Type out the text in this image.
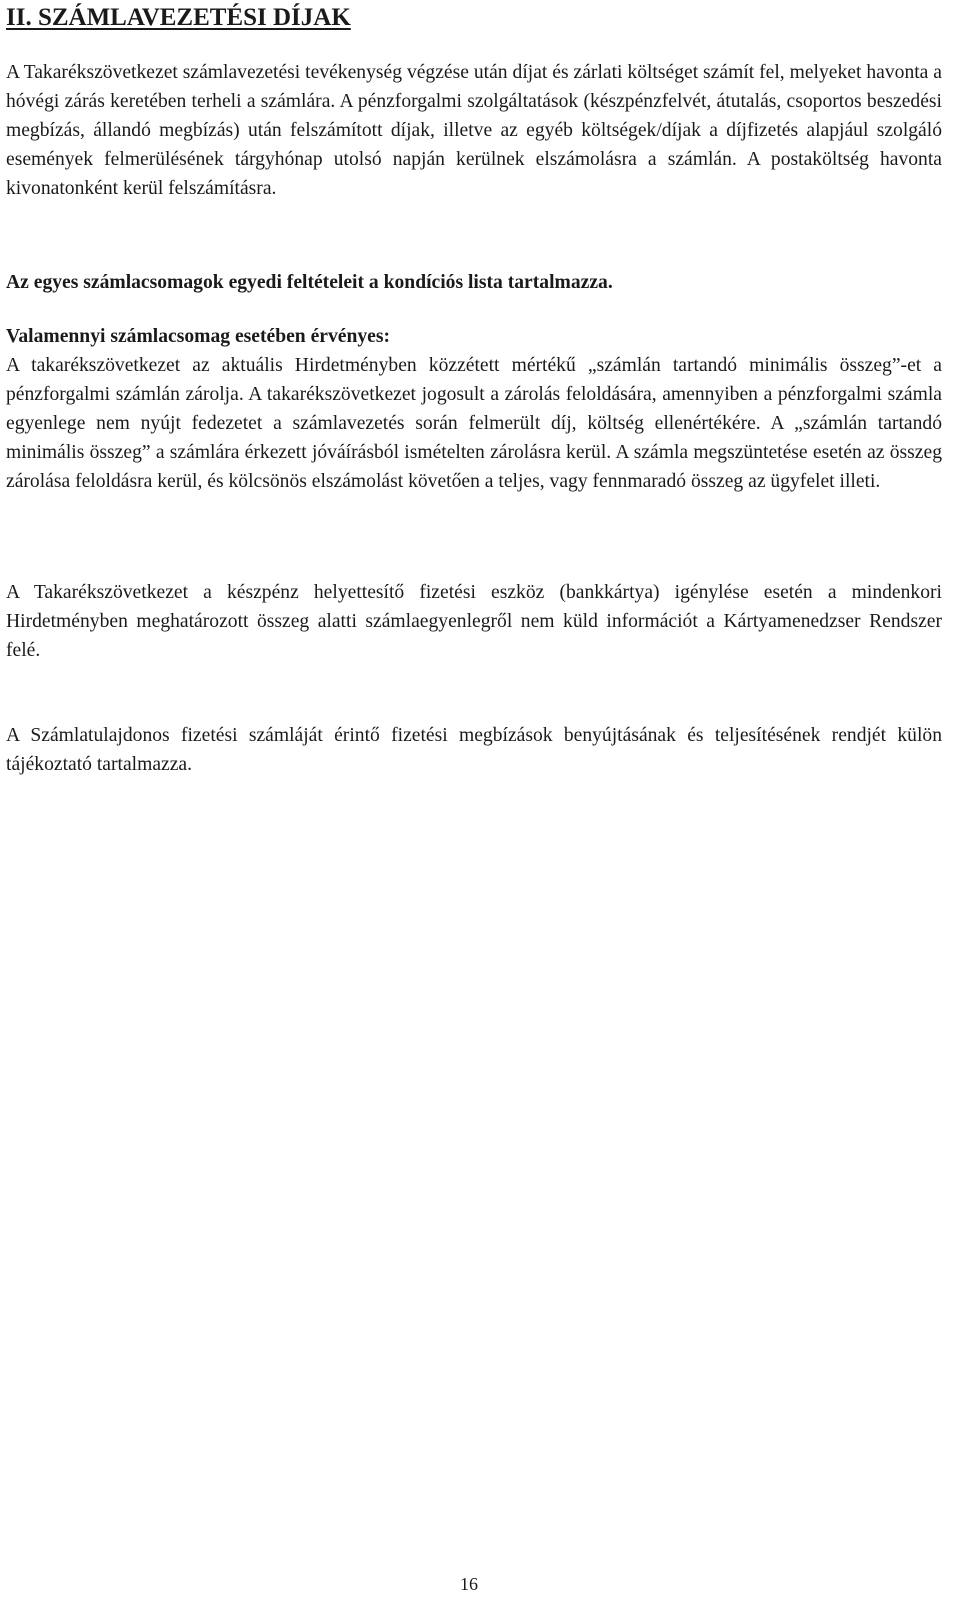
II. SZÁMLAVEZETÉSI DÍJAK

A Takarékszövetkezet számlavezetési tevékenység végzése után díjat és zárlati költséget számít fel, melyeket havonta a hóvégi zárás keretében terheli a számlára. A pénzforgalmi szolgáltatások (készpénzfelvét, átutalás, csoportos beszedési megbízás, állandó megbízás) után felszámított díjak, illetve az egyéb költségek/díjak a díjfizetés alapjául szolgáló események felmerülésének tárgyhónap utolsó napján kerülnek elszámolásra a számlán. A postaköltség havonta kivonatonként kerül felszámításra.

Az egyes számlacsomagok egyedi feltételeit a kondíciós lista tartalmazza.

Valamennyi számlacsomag esetében érvényes:
A takarékszövetkezet az aktuális Hirdetményben közzétett mértékű „számlán tartandó minimális összeg”-et a pénzforgalmi számlán zárolja. A takarékszövetkezet jogosult a zárolás feloldására, amennyiben a pénzforgalmi számla egyenlege nem nyújt fedezetet a számlavezetés során felmerült díj, költség ellenértékére. A „számlán tartandó minimális összeg” a számlára érkezett jóváírásból ismételten zárolásra kerül. A számla megszüntetése esetén az összeg zárolása feloldásra kerül, és kölcsönös elszámolást követően a teljes, vagy fennmaradó összeg az ügyfelet illeti.

A Takarékszövetkezet a készpénz helyettesítő fizetési eszköz (bankkártya) igénylése esetén a mindenkori Hirdetményben meghatározott összeg alatti számlaegyenlegről nem küld információt a Kártyamenedzser Rendszer felé.

A Számlatulajdonos fizetési számláját érintő fizetési megbízások benyújtásának és teljesítésének rendjét külön tájékoztató tartalmazza.

16
